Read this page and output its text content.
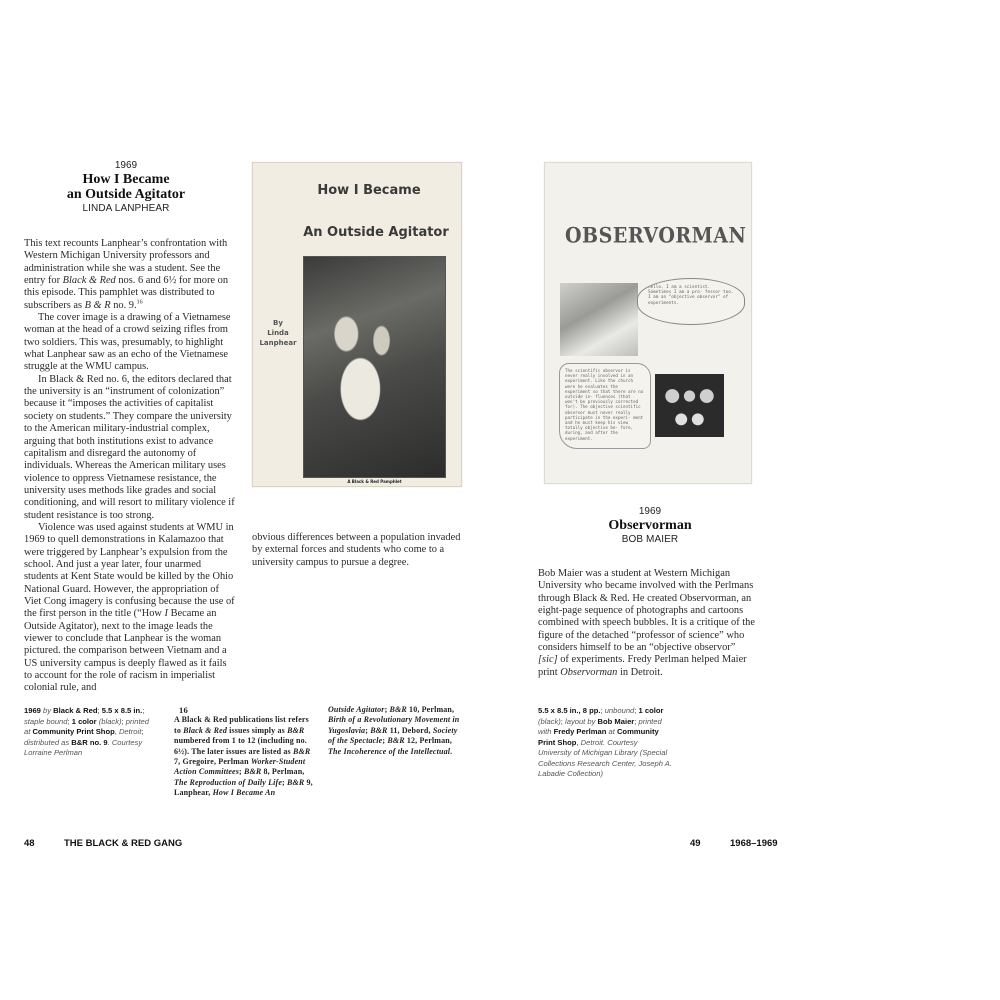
1969
How I Became
an Outside Agitator
LINDA LANPHEAR

This text recounts Lanphear’s confrontation with Western Michigan University professors and administration while she was a student. See the entry for Black & Red nos. 6 and 6½ for more on this episode. This pamphlet was distributed to subscribers as B & R no. 9.16

The cover image is a drawing of a Vietnamese woman at the head of a crowd seizing rifles from two soldiers. This was, presumably, to highlight what Lanphear saw as an echo of the Vietnamese struggle at the WMU campus.

In Black & Red no. 6, the editors declared that the university is an “instrument of colonization” because it “imposes the activities of capitalist society on students.” They compare the university to the American military-industrial complex, arguing that both institutions exist to advance capitalism and disregard the autonomy of individuals. Whereas the American military uses violence to oppress Vietnamese resistance, the university uses methods like grades and social conditioning, and will resort to military violence if student resistance is too strong.

Violence was used against students at WMU in 1969 to quell demonstrations in Kalamazoo that were triggered by Lanphear’s expulsion from the school. And just a year later, four unarmed students at Kent State would be killed by the Ohio National Guard. However, the appropriation of Viet Cong imagery is confusing because the use of the first person in the title (“How I Became an Outside Agitator), next to the image leads the viewer to conclude that Lanphear is the woman pictured. the comparison between Vietnam and a US university campus is deeply flawed as it fails to account for the role of racism in imperialist colonial rule, and

How I Became
An Outside Agitator
By
Linda
Lanphear
A Black & Red Pamphlet
obvious differences between a population invaded by external forces and students who come to a university campus to pursue a degree.
1969 by Black & Red; 5.5 x 8.5 in.; staple bound; 1 color (black); printed at Community Print Shop, Detroit; distributed as B&R no. 9. Courtesy Lorraine Perlman
16
A Black & Red publications list refers to Black & Red issues simply as B&R numbered from 1 to 12 (including no. 6½). The later issues are listed as B&R 7, Gregoire, Perlman Worker-Student Action Committees; B&R 8, Perlman, The Reproduction of Daily Life; B&R 9, Lanphear, How I Became An
Outside Agitator; B&R 10, Perlman, Birth of a Revolutionary Movement in Yugoslavia; B&R 11, Debord, Society of the Spectacle; B&R 12, Perlman, The Incoherence of the Intellectual.
48	THE BLACK & RED GANG
OBSERVORMAN
Hello. I am a scientist. Sometimes I am a pro- fessor too. I am an "objective observor" of experiments.
The scientific observor is never really involved in an experiment. Like the church were he evaluates the experiment so that there are no outside in- fluences (that won't be previously corrected for). The objective scientific observor must never really participate in the experi- ment and he must keep his view totally objective be- fore, during, and after the experiment.
1969
Observorman
BOB MAIER

Bob Maier was a student at Western Michigan University who became involved with the Perlmans through Black & Red. He created Observorman, an eight-page sequence of photographs and cartoons combined with speech bubbles. It is a critique of the figure of the detached “professor of science” who considers himself to be an “objective observor” [sic] of experiments. Fredy Perlman helped Maier print Observorman in Detroit.

5.5 x 8.5 in., 8 pp.; unbound; 1 color (black); layout by Bob Maier; printed with Fredy Perlman at Community Print Shop, Detroit. Courtesy University of Michigan Library (Special Collections Research Center, Joseph A. Labadie Collection)
49	1968–1969
